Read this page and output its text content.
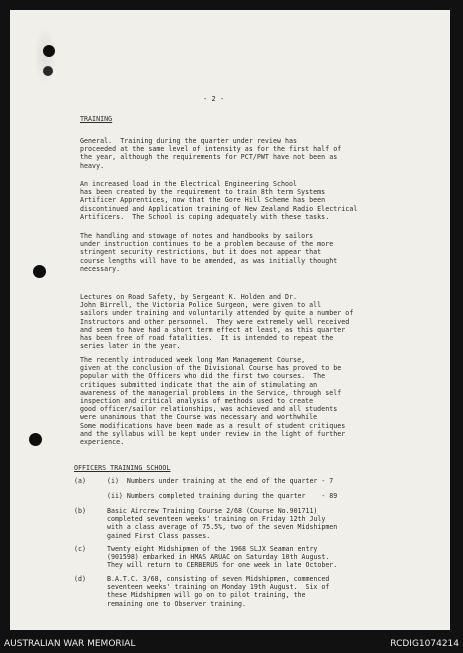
- 2 -
TRAINING
General.  Training during the quarter under review has
proceeded at the same level of intensity as for the first half of
the year, although the requirements for PCT/PWT have not been as
heavy.
An increased load in the Electrical Engineering School
has been created by the requirement to train 8th term Systems
Artificer Apprentices, now that the Gore Hill Scheme has been
discontinued and Application training of New Zealand Radio Electrical
Artificers.  The School is coping adequately with these tasks.
The handling and stowage of notes and handbooks by sailors
under instruction continues to be a problem because of the more
stringent security restrictions, but it does not appear that
course lengths will have to be amended, as was initially thought
necessary.
Lectures on Road Safety, by Sergeant K. Holden and Dr.
John Birrell, the Victoria Police Surgeon, were given to all
sailors under training and voluntarily attended by quite a number of
Instructors and other personnel.  They were extremely well received
and seem to have had a short term effect at least, as this quarter
has been free of road fatalities.  It is intended to repeat the
series later in the year.
The recently introduced week long Man Management Course,
given at the conclusion of the Divisional Course has proved to be
popular with the Officers who did the first two courses.  The
critiques submitted indicate that the aim of stimulating an
awareness of the managerial problems in the Service, through self
inspection and critical analysis of methods used to create
good officer/sailor relationships, was achieved and all students
were unanimous that the Course was necessary and worthwhile
Some modifications have been made as a result of student critiques
and the syllabus will be kept under review in the light of further
experience.
OFFICERS TRAINING SCHOOL
(a)	(i)  Numbers under training at the end of the quarter - 7
(ii) Numbers completed training during the quarter    - 89
(b)	Basic Aircrew Training Course 2/68 (Course No.901711)
completed seventeen weeks' training on Friday 12th July
with a class average of 75.5%, two of the seven Midshipmen
gained First Class passes.
(c)	Twenty eight Midshipmen of the 1968 SLJX Seaman entry
(901598) embarked in HMAS ARUAC on Saturday 10th August.
They will return to CERBERUS for one week in late October.
(d)	B.A.T.C. 3/68, consisting of seven Midshipmen, commenced
seventeen weeks' training on Monday 19th August.  Six of
these Midshipmen will go on to pilot training, the
remaining one to Observer training.
AUSTRALIAN WAR MEMORIAL	RCDIG1074214
